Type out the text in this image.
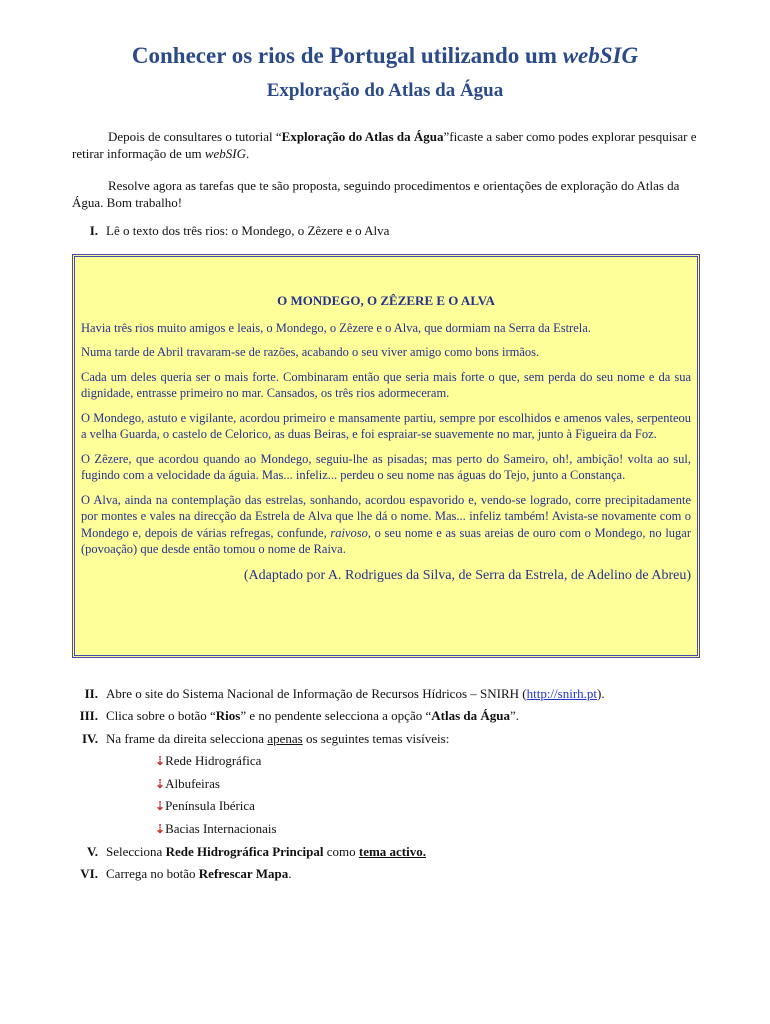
Conhecer os rios de Portugal utilizando um webSIG
Exploração do Atlas da Água
Depois de consultares o tutorial “Exploração do Atlas da Água”ficaste a saber como podes explorar pesquisar e retirar informação de um webSIG.
Resolve agora as tarefas que te são proposta, seguindo procedimentos e orientações de exploração do Atlas da Água. Bom trabalho!
I. Lê o texto dos três rios: o Mondego, o Zêzere e o Alva
O MONDEGO, O ZÊZERE E O ALVA

Havia três rios muito amigos e leais, o Mondego, o Zêzere e o Alva, que dormiam na Serra da Estrela.

Numa tarde de Abril travaram-se de razões, acabando o seu viver amigo como bons irmãos.

Cada um deles queria ser o mais forte. Combinaram então que seria mais forte o que, sem perda do seu nome e da sua dignidade, entrasse primeiro no mar. Cansados, os três rios adormeceram.

O Mondego, astuto e vigilante, acordou primeiro e mansamente partiu, sempre por escolhidos e amenos vales, serpenteou a velha Guarda, o castelo de Celorico, as duas Beiras, e foi espraiar-se suavemente no mar, junto à Figueira da Foz.

O Zêzere, que acordou quando ao Mondego, seguiu-lhe as pisadas; mas perto do Sameiro, oh!, ambição! volta ao sul, fugindo com a velocidade da águia. Mas... infeliz... perdeu o seu nome nas águas do Tejo, junto a Constança.

O Alva, ainda na contemplação das estrelas, sonhando, acordou espavorido e, vendo-se logrado, corre precipitadamente por montes e vales na direcção da Estrela de Alva que lhe dá o nome. Mas... infeliz também! Avista-se novamente com o Mondego e, depois de várias refregas, confunde, raivoso, o seu nome e as suas areias de ouro com o Mondego, no lugar (povoação) que desde então tomou o nome de Raiva.

(Adaptado por A. Rodrigues da Silva, de Serra da Estrela, de Adelino de Abreu)
II. Abre o site do Sistema Nacional de Informação de Recursos Hídricos – SNIRH (http://snirh.pt).
III. Clica sobre o botão “Rios” e no pendente selecciona a opção “Atlas da Água”.
IV. Na frame da direita selecciona apenas os seguintes temas visíveis:
⇣Rede Hidrográfica
⇣Albufeiras
⇣Península Ibérica
⇣Bacias Internacionais
V. Selecciona Rede Hidrográfica Principal como tema activo.
VI. Carrega no botão Refrescar Mapa.
